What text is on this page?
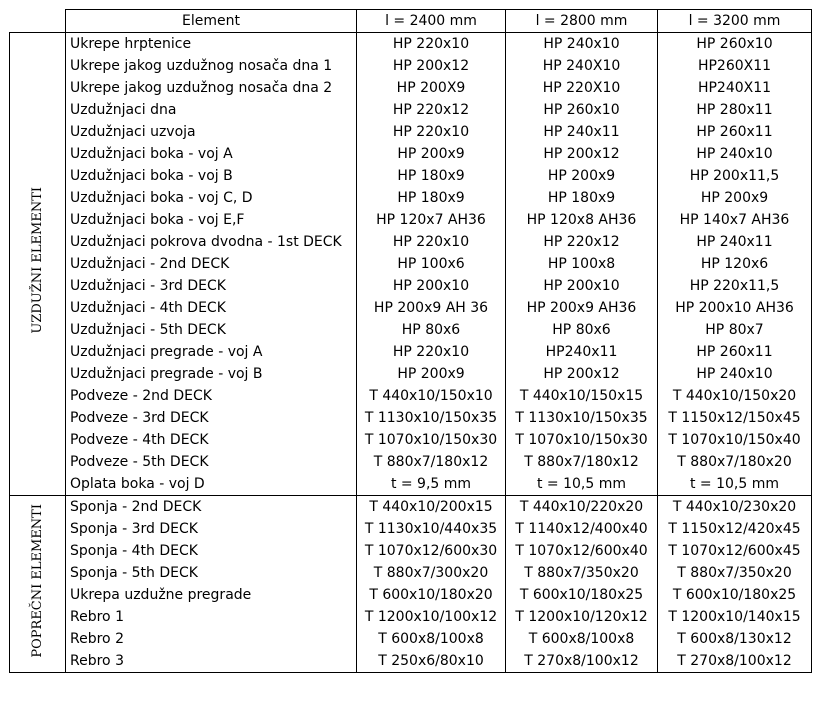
	Element	l = 2400 mm	l = 2800 mm	l = 3200 mm
UZDUŽNI ELEMENTI	Ukrepe hrptenice	HP 220x10	HP 240x10	HP 260x10
	Ukrepe jakog uzdužnog nosača dna 1	HP 200x12	HP 240X10	HP260X11
	Ukrepe jakog uzdužnog nosača dna 2	HP 200X9	HP 220X10	HP240X11
	Uzdužnjaci dna	HP 220x12	HP 260x10	HP 280x11
	Uzdužnjaci uzvoja	HP 220x10	HP 240x11	HP 260x11
	Uzdužnjaci boka - voj A	HP 200x9	HP 200x12	HP 240x10
	Uzdužnjaci boka - voj B	HP 180x9	HP 200x9	HP 200x11,5
	Uzdužnjaci boka - voj C, D	HP 180x9	HP 180x9	HP 200x9
	Uzdužnjaci boka - voj E,F	HP 120x7 AH36	HP 120x8 AH36	HP 140x7 AH36
	Uzdužnjaci pokrova dvodna - 1st DECK	HP 220x10	HP 220x12	HP 240x11
	Uzdužnjaci - 2nd DECK	HP 100x6	HP 100x8	HP 120x6
	Uzdužnjaci - 3rd DECK	HP 200x10	HP 200x10	HP 220x11,5
	Uzdužnjaci - 4th DECK	HP 200x9 AH 36	HP 200x9 AH36	HP 200x10 AH36
	Uzdužnjaci - 5th DECK	HP 80x6	HP 80x6	HP 80x7
	Uzdužnjaci pregrade - voj A	HP 220x10	HP240x11	HP 260x11
	Uzdužnjaci pregrade - voj B	HP 200x9	HP 200x12	HP 240x10
	Podveze - 2nd DECK	T 440x10/150x10	T 440x10/150x15	T 440x10/150x20
	Podveze - 3rd DECK	T 1130x10/150x35	T 1130x10/150x35	T 1150x12/150x45
	Podveze - 4th DECK	T 1070x10/150x30	T 1070x10/150x30	T 1070x10/150x40
	Podveze - 5th DECK	T 880x7/180x12	T 880x7/180x12	T 880x7/180x20
	Oplata boka - voj D	t = 9,5 mm	t = 10,5 mm	t = 10,5 mm
POPREČNI ELEMENTI	Sponja - 2nd DECK	T 440x10/200x15	T 440x10/220x20	T 440x10/230x20
	Sponja - 3rd DECK	T 1130x10/440x35	T 1140x12/400x40	T 1150x12/420x45
	Sponja - 4th DECK	T 1070x12/600x30	T 1070x12/600x40	T 1070x12/600x45
	Sponja - 5th DECK	T 880x7/300x20	T 880x7/350x20	T 880x7/350x20
	Ukrepa uzdužne pregrade	T 600x10/180x20	T 600x10/180x25	T 600x10/180x25
	Rebro 1	T 1200x10/100x12	T 1200x10/120x12	T 1200x10/140x15
	Rebro 2	T 600x8/100x8	T 600x8/100x8	T 600x8/130x12
	Rebro 3	T 250x6/80x10	T 270x8/100x12	T 270x8/100x12
